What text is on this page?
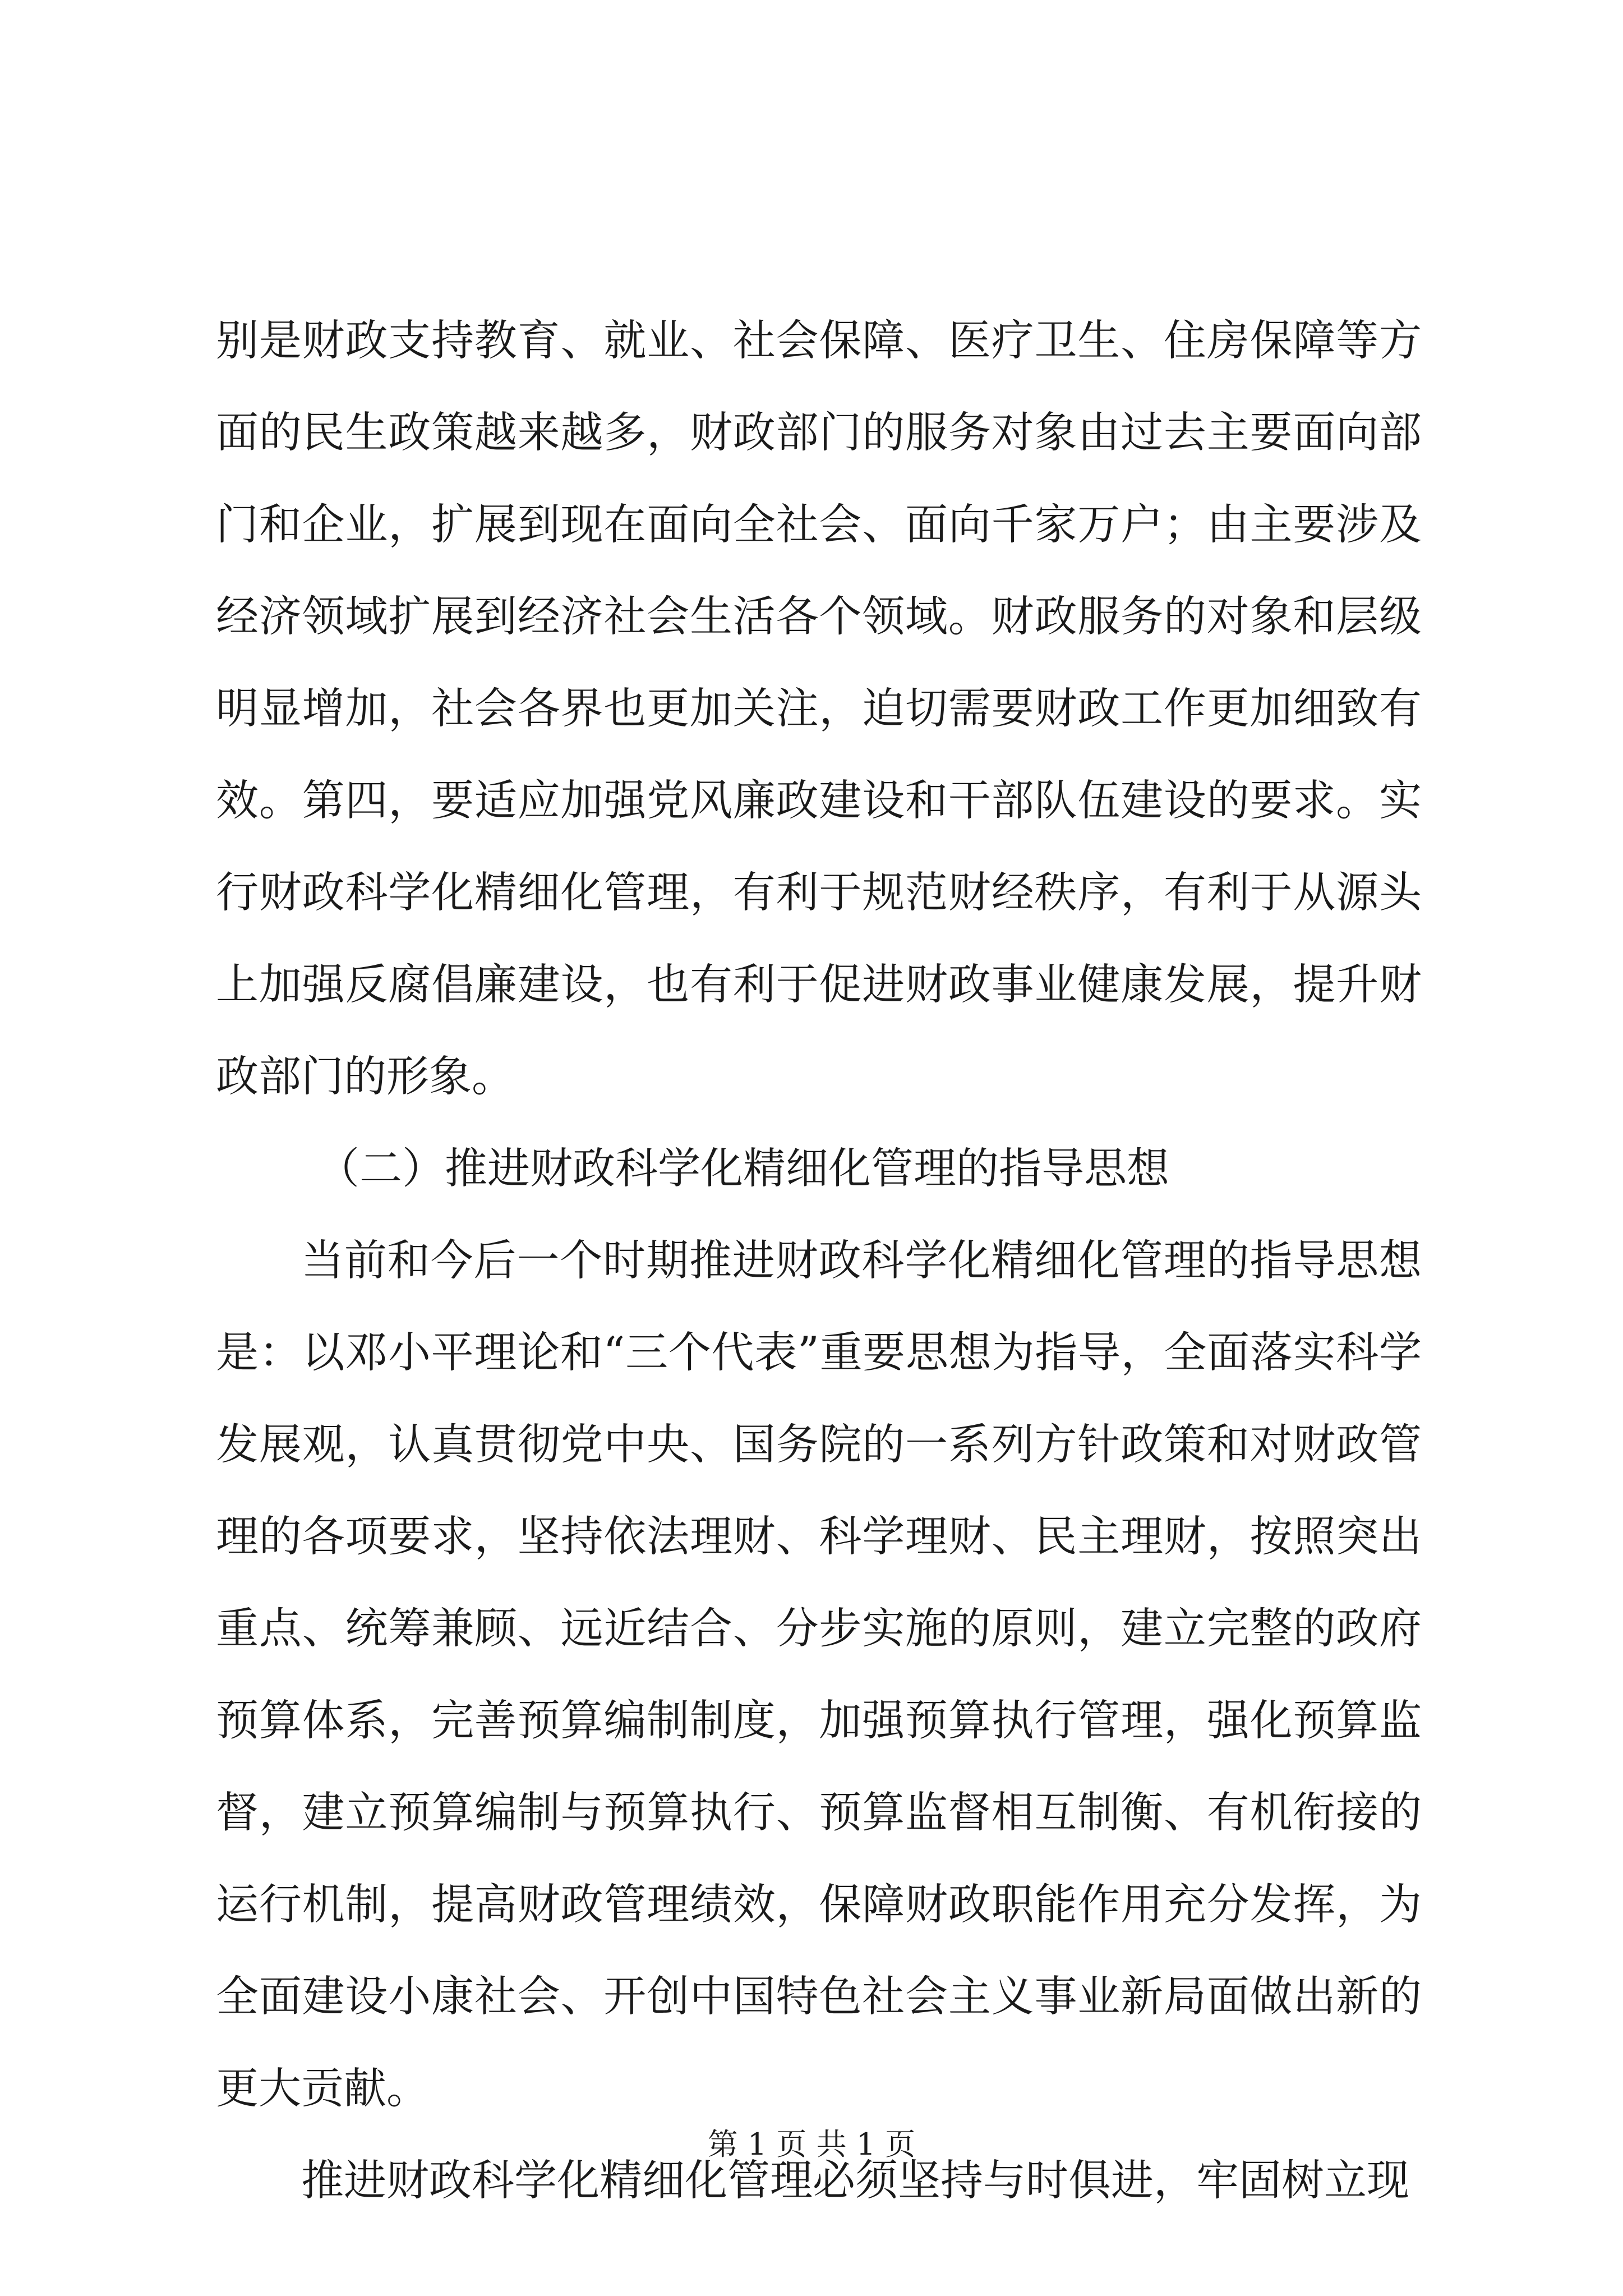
别是财政支持教育、就业、社会保障、医疗卫生、住房保障等方面的民生政策越来越多，财政部门的服务对象由过去主要面向部门和企业，扩展到现在面向全社会、面向千家万户；由主要涉及经济领域扩展到经济社会生活各个领域。财政服务的对象和层级明显增加，社会各界也更加关注，迫切需要财政工作更加细致有效。第四，要适应加强党风廉政建设和干部队伍建设的要求。实行财政科学化精细化管理，有利于规范财经秩序，有利于从源头上加强反腐倡廉建设，也有利于促进财政事业健康发展，提升财政部门的形象。

（二）推进财政科学化精细化管理的指导思想

当前和今后一个时期推进财政科学化精细化管理的指导思想是：以邓小平理论和“三个代表”重要思想为指导，全面落实科学发展观，认真贯彻党中央、国务院的一系列方针政策和对财政管理的各项要求，坚持依法理财、科学理财、民主理财，按照突出重点、统筹兼顾、远近结合、分步实施的原则，建立完整的政府预算体系，完善预算编制制度，加强预算执行管理，强化预算监督，建立预算编制与预算执行、预算监督相互制衡、有机衔接的运行机制，提高财政管理绩效，保障财政职能作用充分发挥，为全面建设小康社会、开创中国特色社会主义事业新局面做出新的更大贡献。

推进财政科学化精细化管理必须坚持与时俱进，牢固树立现

第 1 页 共 1 页
